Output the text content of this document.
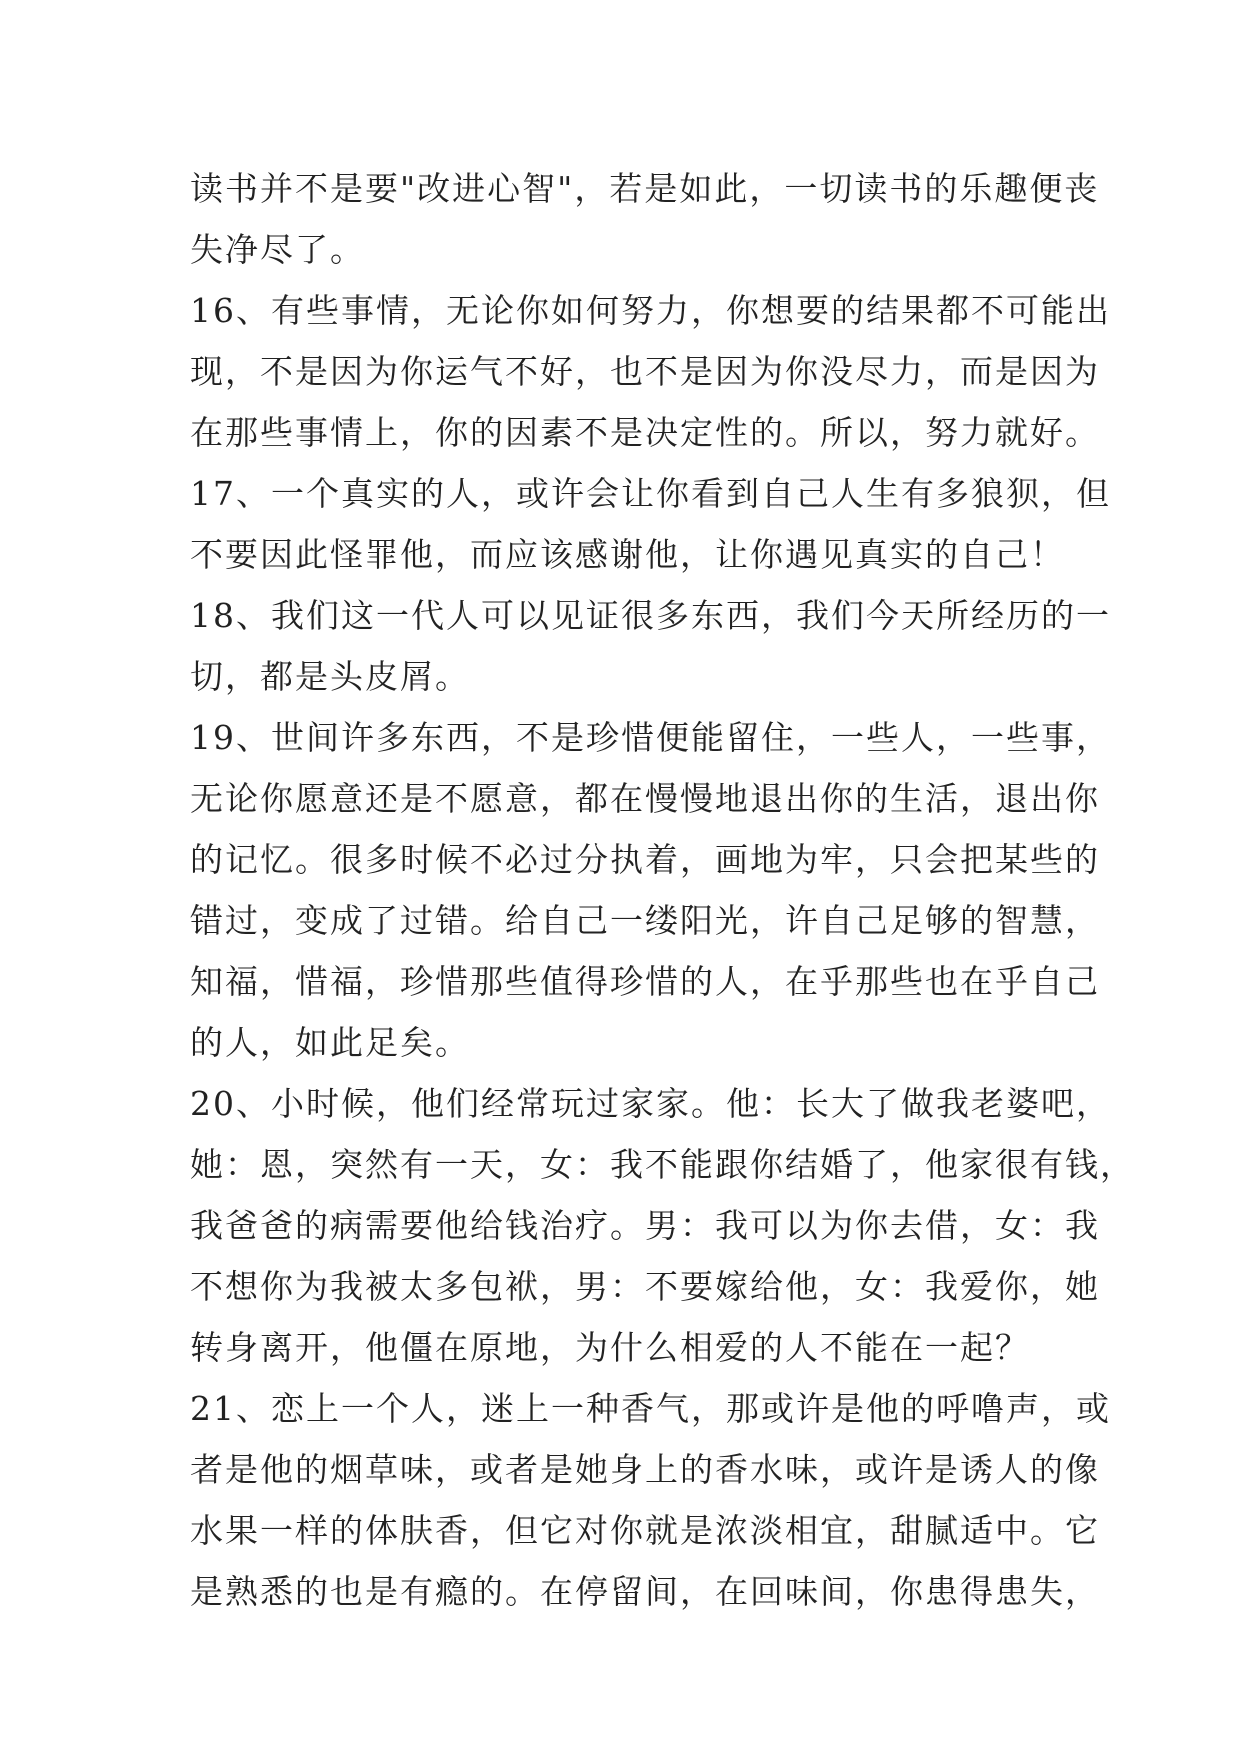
读书并不是要"改进心智"，若是如此，一切读书的乐趣便丧
失净尽了。
16、有些事情，无论你如何努力，你想要的结果都不可能出
现，不是因为你运气不好，也不是因为你没尽力，而是因为
在那些事情上，你的因素不是决定性的。所以，努力就好。
17、一个真实的人，或许会让你看到自己人生有多狼狈，但
不要因此怪罪他，而应该感谢他，让你遇见真实的自己！
18、我们这一代人可以见证很多东西，我们今天所经历的一
切，都是头皮屑。
19、世间许多东西，不是珍惜便能留住，一些人，一些事，
无论你愿意还是不愿意，都在慢慢地退出你的生活，退出你
的记忆。很多时候不必过分执着，画地为牢，只会把某些的
错过，变成了过错。给自己一缕阳光，许自己足够的智慧，
知福，惜福，珍惜那些值得珍惜的人，在乎那些也在乎自己
的人，如此足矣。
20、小时候，他们经常玩过家家。他：长大了做我老婆吧，
她：恩，突然有一天，女：我不能跟你结婚了，他家很有钱，
我爸爸的病需要他给钱治疗。男：我可以为你去借，女：我
不想你为我被太多包袱，男：不要嫁给他，女：我爱你，她
转身离开，他僵在原地，为什么相爱的人不能在一起？
21、恋上一个人，迷上一种香气，那或许是他的呼噜声，或
者是他的烟草味，或者是她身上的香水味，或许是诱人的像
水果一样的体肤香，但它对你就是浓淡相宜，甜腻适中。它
是熟悉的也是有瘾的。在停留间，在回味间，你患得患失，
